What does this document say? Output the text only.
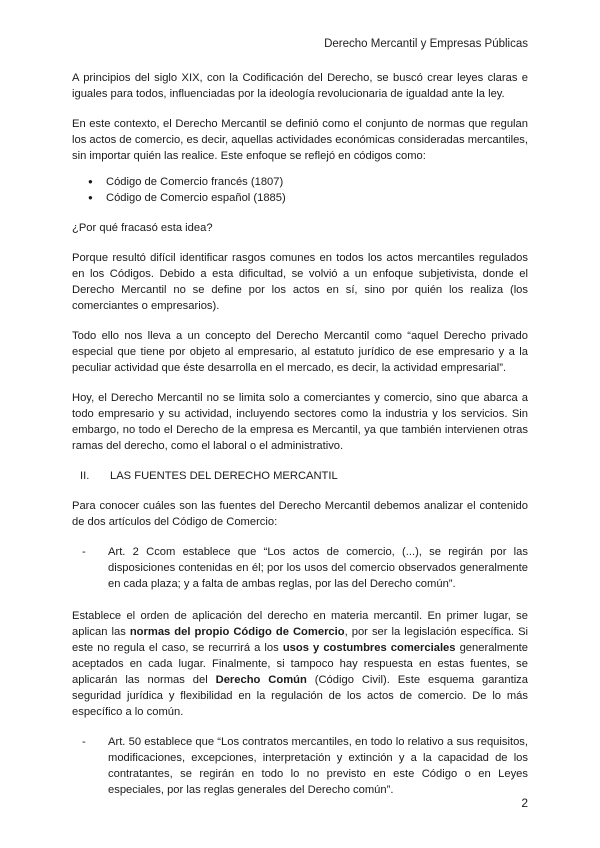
Derecho Mercantil y Empresas Públicas

A principios del siglo XIX, con la Codificación del Derecho, se buscó crear leyes claras e iguales para todos, influenciadas por la ideología revolucionaria de igualdad ante la ley.

En este contexto, el Derecho Mercantil se definió como el conjunto de normas que regulan los actos de comercio, es decir, aquellas actividades económicas consideradas mercantiles, sin importar quién las realice. Este enfoque se reflejó en códigos como:

● Código de Comercio francés (1807)
● Código de Comercio español (1885)

¿Por qué fracasó esta idea?

Porque resultó difícil identificar rasgos comunes en todos los actos mercantiles regulados en los Códigos. Debido a esta dificultad, se volvió a un enfoque subjetivista, donde el Derecho Mercantil no se define por los actos en sí, sino por quién los realiza (los comerciantes o empresarios).

Todo ello nos lleva a un concepto del Derecho Mercantil como “aquel Derecho privado especial que tiene por objeto al empresario, al estatuto jurídico de ese empresario y a la peculiar actividad que éste desarrolla en el mercado, es decir, la actividad empresarial”.

Hoy, el Derecho Mercantil no se limita solo a comerciantes y comercio, sino que abarca a todo empresario y su actividad, incluyendo sectores como la industria y los servicios. Sin embargo, no todo el Derecho de la empresa es Mercantil, ya que también intervienen otras ramas del derecho, como el laboral o el administrativo.

II.	LAS FUENTES DEL DERECHO MERCANTIL

Para conocer cuáles son las fuentes del Derecho Mercantil debemos analizar el contenido de dos artículos del Código de Comercio:

-	Art. 2 Ccom establece que “Los actos de comercio, (...), se regirán por las disposiciones contenidas en él; por los usos del comercio observados generalmente en cada plaza; y a falta de ambas reglas, por las del Derecho común”.

Establece el orden de aplicación del derecho en materia mercantil. En primer lugar, se aplican las normas del propio Código de Comercio, por ser la legislación específica. Si este no regula el caso, se recurrirá a los usos y costumbres comerciales generalmente aceptados en cada lugar. Finalmente, si tampoco hay respuesta en estas fuentes, se aplicarán las normas del Derecho Común (Código Civil). Este esquema garantiza seguridad jurídica y flexibilidad en la regulación de los actos de comercio. De lo más específico a lo común.

-	Art. 50 establece que “Los contratos mercantiles, en todo lo relativo a sus requisitos, modificaciones, excepciones, interpretación y extinción y a la capacidad de los contratantes, se regirán en todo lo no previsto en este Código o en Leyes especiales, por las reglas generales del Derecho común”.
2
